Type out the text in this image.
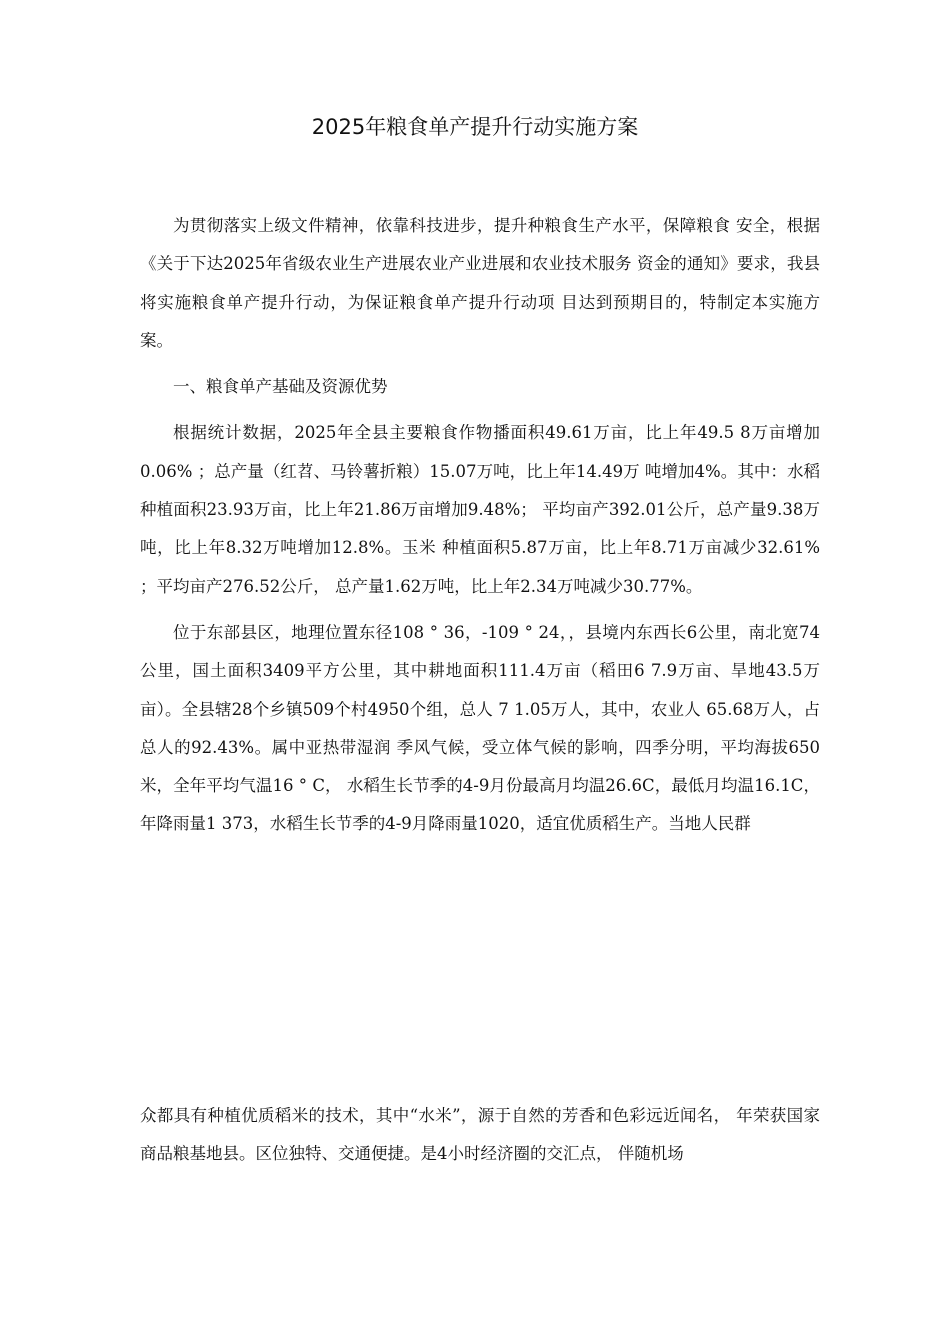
2025年粮食单产提升行动实施方案

为贯彻落实上级文件精神，依靠科技进步，提升种粮食生产水平，保障粮食 安全，根据《关于下达2025年省级农业生产进展农业产业进展和农业技术服务 资金的通知》要求，我县将实施粮食单产提升行动，为保证粮食单产提升行动项 目达到预期目的，特制定本实施方案。

一、粮食单产基础及资源优势

根据统计数据，2025年全县主要粮食作物播面积49.61万亩，比上年49.5 8万亩增加0.06% ；总产量（红苕、马铃薯折粮）15.07万吨，比上年14.49万 吨增加4%。其中：水稻种植面积23.93万亩，比上年21.86万亩增加9.48%； 平均亩产392.01公斤，总产量9.38万吨，比上年8.32万吨增加12.8%。玉米 种植面积5.87万亩，比上年8.71万亩减少32.61% ；平均亩产276.52公斤， 总产量1.62万吨，比上年2.34万吨减少30.77%。

位于东部县区，地理位置东径108 ° 36，-109 ° 24，，县境内东西长6公里，南北宽74公里，国土面积3409平方公里，其中耕地面积111.4万亩（稻田6 7.9万亩、旱地43.5万亩）。全县辖28个乡镇509个村4950个组，总人 7 1.05万人，其中，农业人 65.68万人，占总人的92.43%。属中亚热带湿润 季风气候，受立体气候的影响，四季分明，平均海拔650米，全年平均气温16 ° C， 水稻生长节季的4-9月份最高月均温26.6C，最低月均温16.1C，年降雨量1 373，水稻生长节季的4-9月降雨量1020，适宜优质稻生产。当地人民群

众都具有种植优质稻米的技术，其中“水米”，源于自然的芳香和色彩远近闻名， 年荣获国家商品粮基地县。区位独特、交通便捷。是4小时经济圈的交汇点， 伴随机场
